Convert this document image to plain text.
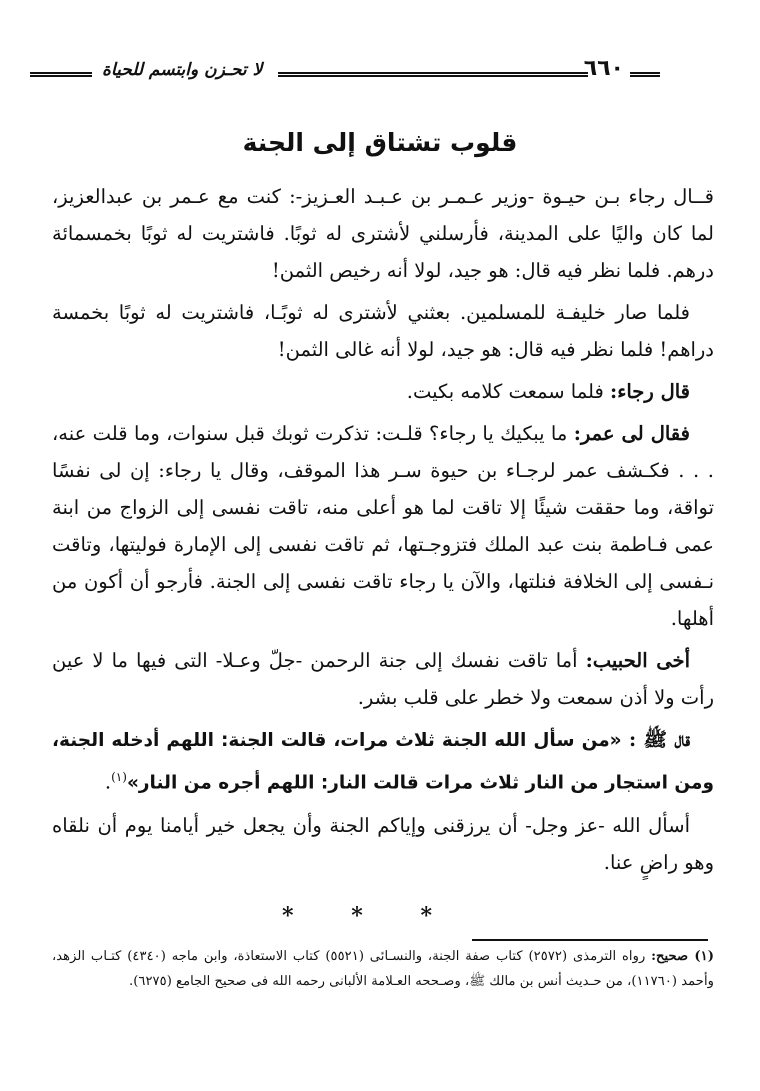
لا تحـزن وابتسم للحياة	٦٦٠
قلوب تشتاق إلى الجنة

قــال رجاء بـن حيـوة -وزير عـمـر بن عـبـد العـزيز-: كنت مع عـمر بن عبدالعزيز، لما كان واليًا على المدينة، فأرسلني لأشترى له ثوبًا. فاشتريت له ثوبًا بخمسمائة درهم. فلما نظر فيه قال: هو جيد، لولا أنه رخيص الثمن!

فلما صار خليفـة للمسلمين. بعثني لأشترى له ثوبًـا، فاشتريت له ثوبًا بخمسة دراهم! فلما نظر فيه قال: هو جيد، لولا أنه غالى الثمن!

قال رجاء: فلما سمعت كلامه بكيت.

فقال لى عمر: ما يبكيك يا رجاء؟ قلـت: تذكرت ثوبك قبل سنوات، وما قلت عنه، . . . فكـشف عمر لرجـاء بن حيوة سـر هذا الموقف، وقال يا رجاء: إن لى نفسًا تواقة، وما حققت شيئًا إلا تاقت لما هو أعلى منه، تاقت نفسى إلى الزواج من ابنة عمى فـاطمة بنت عبد الملك فتزوجـتها، ثم تاقت نفسى إلى الإمارة فوليتها، وتاقت نـفسى إلى الخلافة فنلتها، والآن يا رجاء تاقت نفسى إلى الجنة. فأرجو أن أكون من أهلها.

أخى الحبيب: أما تاقت نفسك إلى جنة الرحمن -جلّ وعـلا- التى فيها ما لا عين رأت ولا أذن سمعت ولا خطر على قلب بشر.

قال ﷺ : «من سأل الله الجنة ثلاث مرات، قالت الجنة: اللهم أدخله الجنة، ومن استجار من النار ثلاث مرات قالت النار: اللهم أجره من النار»$^{(١)}$.

أسأل الله -عز وجل- أن يرزقنى وإياكم الجنة وأن يجعل خير أيامنا يوم أن نلقاه وهو راضٍ عنا.

*	*	*
(١) صحيح: رواه الترمذى (٢٥٧٢) كتاب صفة الجنة، والنسـائى (٥٥٢١) كتاب الاستعاذة، وابن ماجه (٤٣٤٠) كتـاب الزهد، وأحمد (١١٧٦٠)، من حـديث أنس بن مالك ﷺ، وصـححه العـلامة الألبانى رحمه الله فى صحيح الجامع (٦٢٧٥).
